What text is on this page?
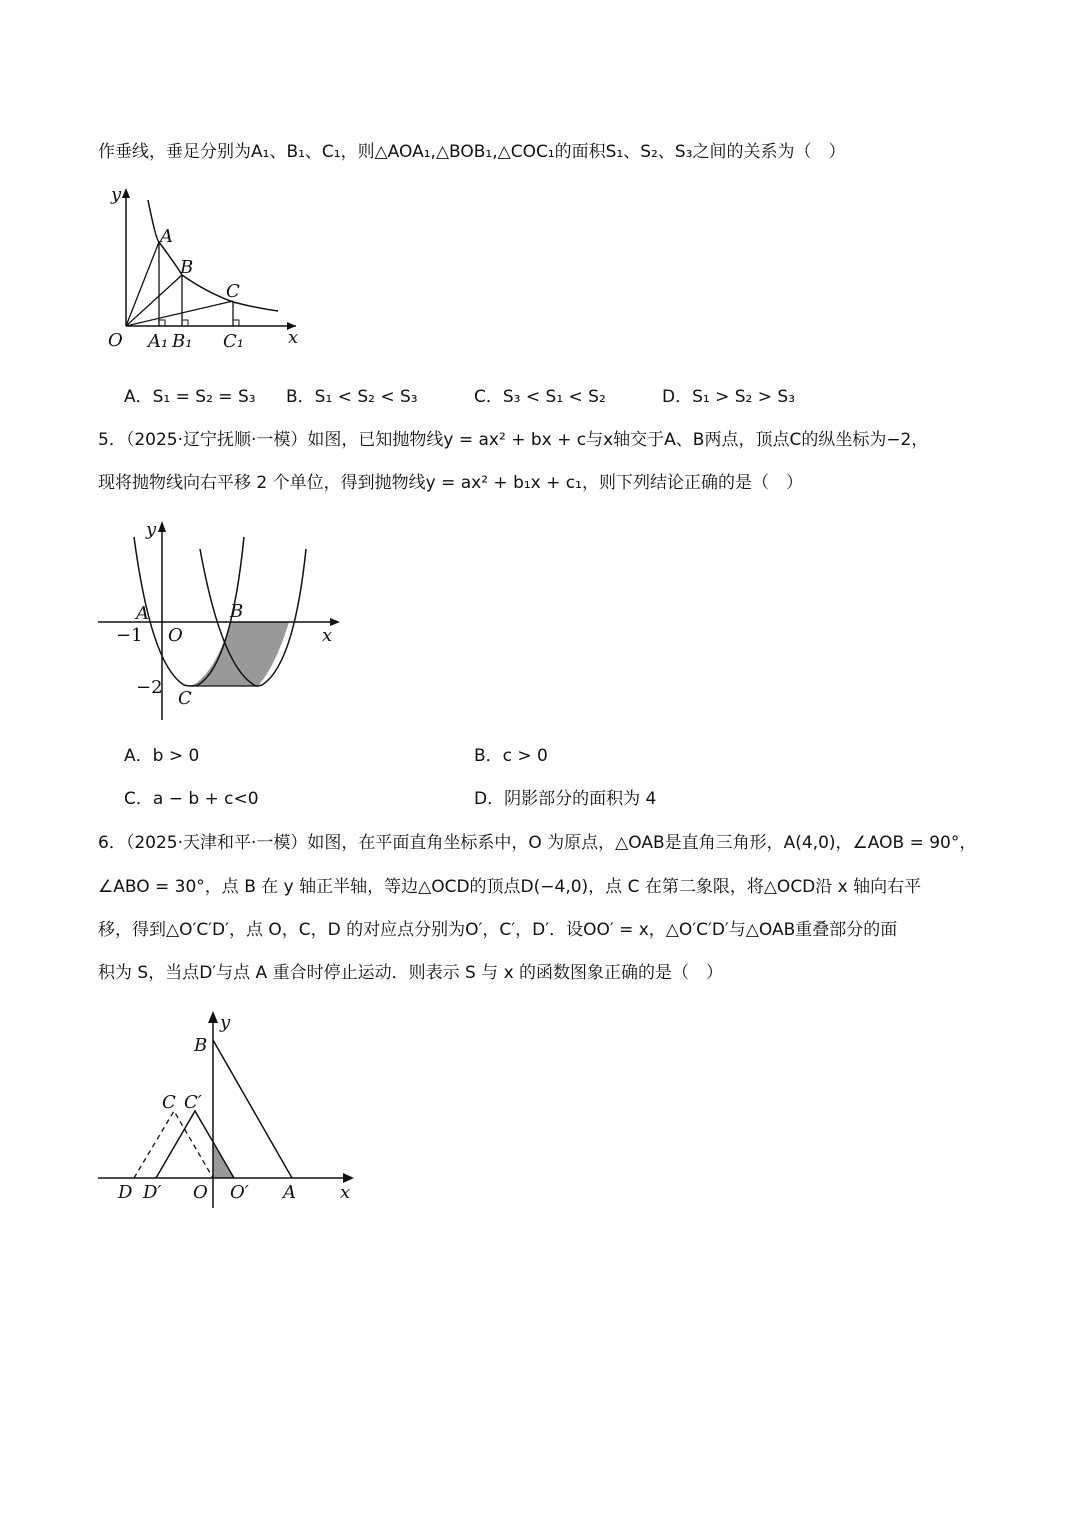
作垂线，垂足分别为A₁、B₁、C₁，则△AOA₁,△BOB₁,△COC₁的面积S₁、S₂、S₃之间的关系为（　）
y
x
O
A
B
C
A₁ B₁ C₁
A．S₁ = S₂ = S₃ B．S₁ < S₂ < S₃	C．S₃ < S₁ < S₂	D．S₁ > S₂ > S₃
5．（2025·辽宁抚顺·一模）如图，已知抛物线y = ax² + bx + c与x轴交于A、B两点，顶点C的纵坐标为−2，
现将抛物线向右平移 2 个单位，得到抛物线y = ax² + b₁x + c₁，则下列结论正确的是（　）
y
x
O
A	B
C
−1
−2
A．b > 0	B．c > 0
C．a − b + c<0	D．阴影部分的面积为 4
6．（2025·天津和平·一模）如图，在平面直角坐标系中，O 为原点，△OAB是直角三角形，A(4,0)，∠AOB = 90°，
∠ABO = 30°，点 B 在 y 轴正半轴，等边△OCD的顶点D(−4,0)，点 C 在第二象限，将△OCD沿 x 轴向右平
移，得到△O′C′D′，点 O，C，D 的对应点分别为O′，C′，D′．设OO′ = x，△O′C′D′与△OAB重叠部分的面
积为 S，当点D′与点 A 重合时停止运动．则表示 S 与 x 的函数图象正确的是（　）
y
x
B
C C′
D D′ O O′ A
